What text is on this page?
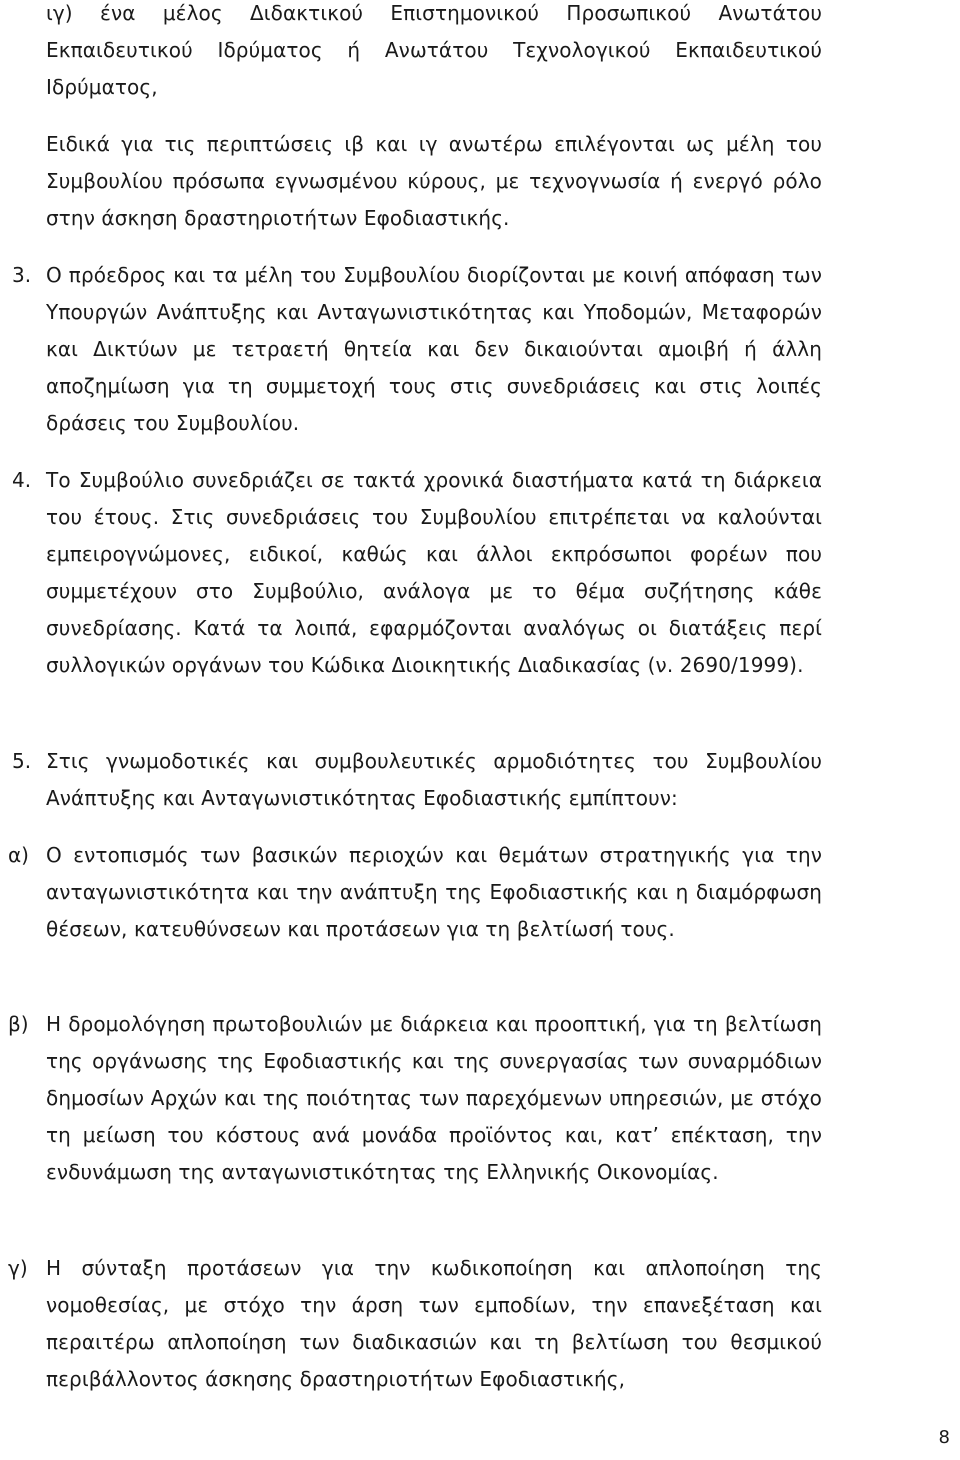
ιγ) ένα μέλος Διδακτικού Επιστημονικού Προσωπικού Ανωτάτου Εκπαιδευτικού Ιδρύματος ή Ανωτάτου Τεχνολογικού Εκπαιδευτικού Ιδρύματος,
Ειδικά για τις περιπτώσεις ιβ και ιγ ανωτέρω επιλέγονται ως μέλη του Συμβουλίου πρόσωπα εγνωσμένου κύρους, με τεχνογνωσία ή ενεργό ρόλο στην άσκηση δραστηριοτήτων Εφοδιαστικής.
3. Ο πρόεδρος και τα μέλη του Συμβουλίου διορίζονται με κοινή απόφαση των Υπουργών Ανάπτυξης και Ανταγωνιστικότητας και Υποδομών, Μεταφορών και Δικτύων με τετραετή θητεία και δεν δικαιούνται αμοιβή ή άλλη αποζημίωση για τη συμμετοχή τους στις συνεδριάσεις και στις λοιπές δράσεις του Συμβουλίου.
4. Το Συμβούλιο συνεδριάζει σε τακτά χρονικά διαστήματα κατά τη διάρκεια του έτους. Στις συνεδριάσεις του Συμβουλίου επιτρέπεται να καλούνται εμπειρογνώμονες, ειδικοί, καθώς και άλλοι εκπρόσωποι φορέων που συμμετέχουν στο Συμβούλιο, ανάλογα με το θέμα συζήτησης κάθε συνεδρίασης. Κατά τα λοιπά, εφαρμόζονται αναλόγως οι διατάξεις περί συλλογικών οργάνων του Κώδικα Διοικητικής Διαδικασίας (ν. 2690/1999).
5. Στις γνωμοδοτικές και συμβουλευτικές αρμοδιότητες του Συμβουλίου Ανάπτυξης και Ανταγωνιστικότητας Εφοδιαστικής εμπίπτουν:
α) Ο εντοπισμός των βασικών περιοχών και θεμάτων στρατηγικής για την ανταγωνιστικότητα και την ανάπτυξη της Εφοδιαστικής και η διαμόρφωση θέσεων, κατευθύνσεων και προτάσεων για τη βελτίωσή τους.
β) Η δρομολόγηση πρωτοβουλιών με διάρκεια και προοπτική, για τη βελτίωση της οργάνωσης της Εφοδιαστικής και της συνεργασίας των συναρμόδιων δημοσίων Αρχών και της ποιότητας των παρεχόμενων υπηρεσιών, με στόχο τη μείωση του κόστους ανά μονάδα προϊόντος και, κατ’ επέκταση, την ενδυνάμωση της ανταγωνιστικότητας της Ελληνικής Οικονομίας.
γ) Η σύνταξη προτάσεων για την κωδικοποίηση και απλοποίηση της νομοθεσίας, με στόχο την άρση των εμποδίων, την επανεξέταση και περαιτέρω απλοποίηση των διαδικασιών και τη βελτίωση του θεσμικού περιβάλλοντος άσκησης δραστηριοτήτων Εφοδιαστικής,
8
